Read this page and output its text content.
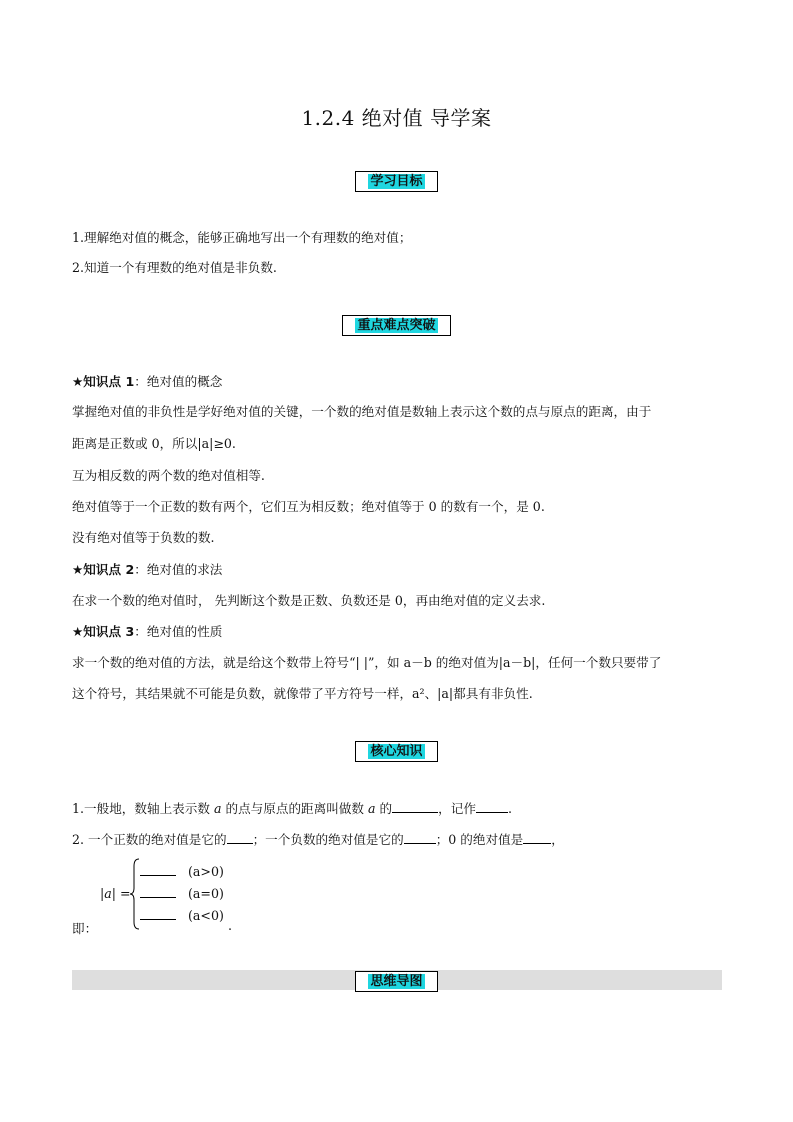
1.2.4 绝对值 导学案
学习目标
1.理解绝对值的概念，能够正确地写出一个有理数的绝对值；
2.知道一个有理数的绝对值是非负数.
重点难点突破
★知识点 1：绝对值的概念
掌握绝对值的非负性是学好绝对值的关键，一个数的绝对值是数轴上表示这个数的点与原点的距离，由于
距离是正数或 0，所以|a|≥0.
互为相反数的两个数的绝对值相等.
绝对值等于一个正数的数有两个，它们互为相反数；绝对值等于 0 的数有一个，是 0.
没有绝对值等于负数的数.
★知识点 2：绝对值的求法
在求一个数的绝对值时， 先判断这个数是正数、负数还是 0，再由绝对值的定义去求.
★知识点 3：绝对值的性质
求一个数的绝对值的方法，就是给这个数带上符号“| |”，如 a－b 的绝对值为|a－b|，任何一个数只要带了
这个符号，其结果就不可能是负数，就像带了平方符号一样，a²、|a|都具有非负性.
核心知识
1.一般地，数轴上表示数 a 的点与原点的距离叫做数 a 的	，记作	.
2. 一个正数的绝对值是它的 ；一个负数的绝对值是它的	；0 的绝对值是 ，
|a| =
(a>0)
(a=0)
(a<0)
即：	.
思维导图
